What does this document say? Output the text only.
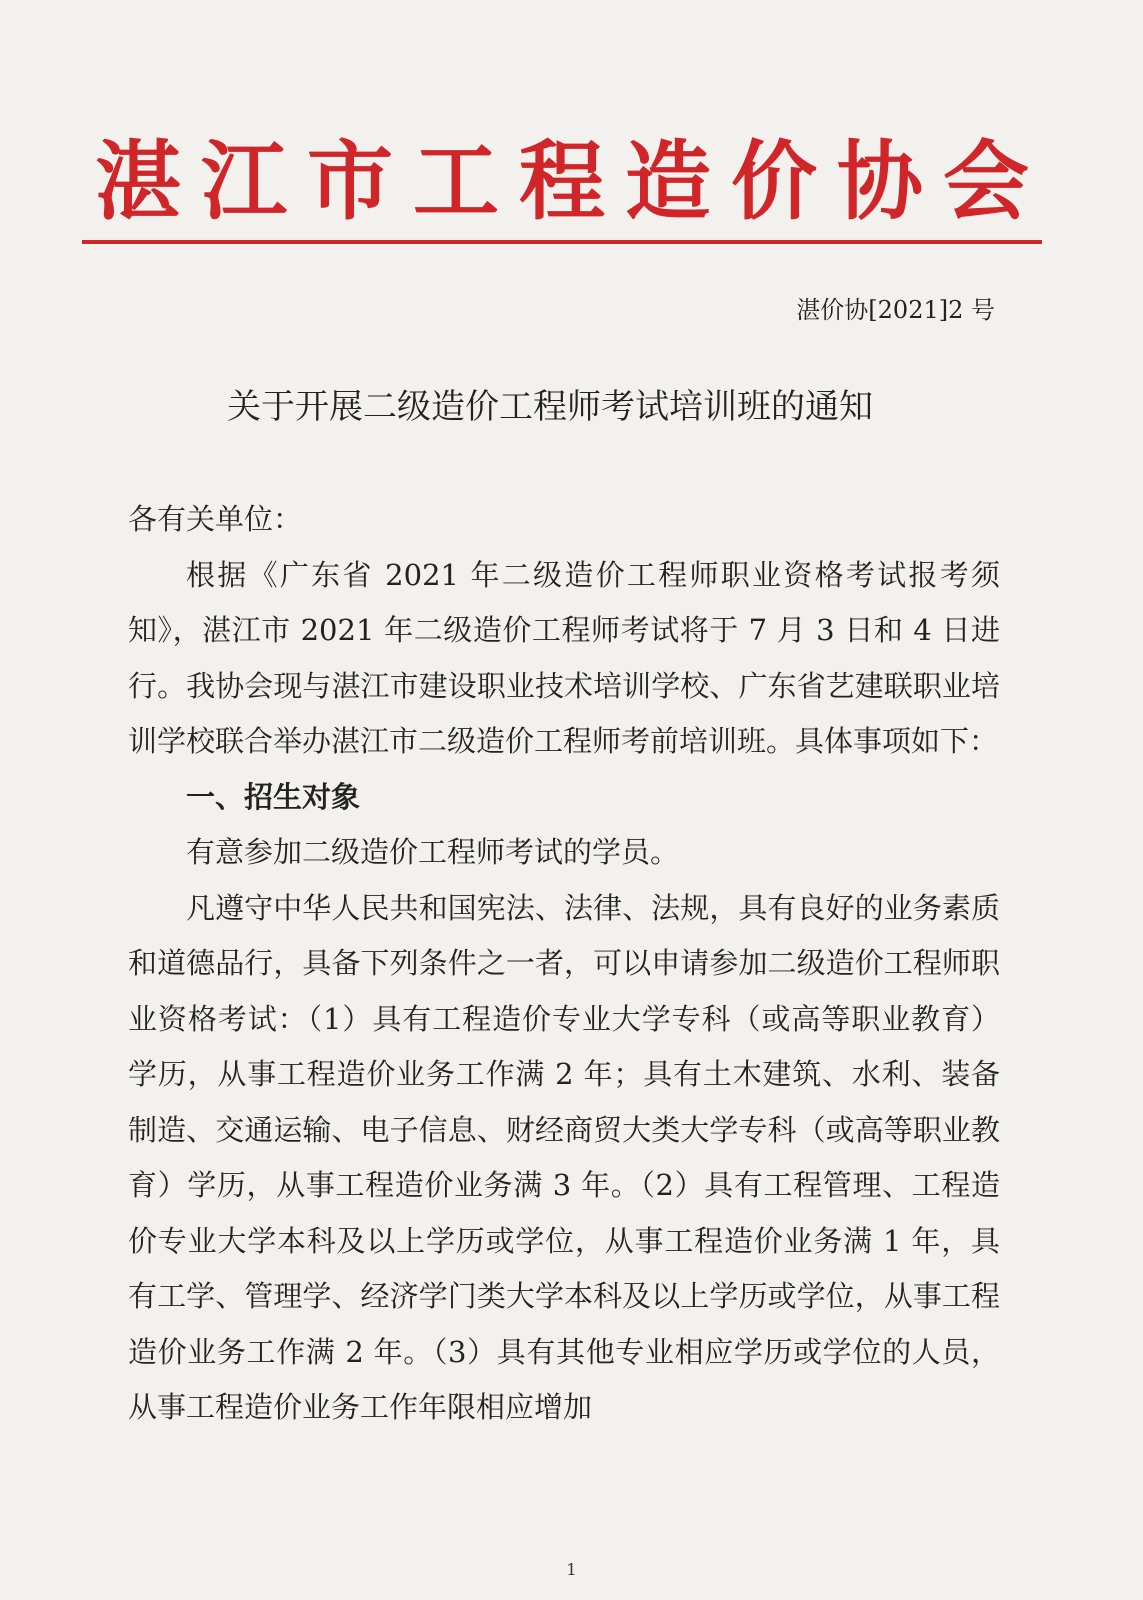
湛江市工程造价协会
湛价协[2021]2 号
关于开展二级造价工程师考试培训班的通知

各有关单位：

根据《广东省 2021 年二级造价工程师职业资格考试报考须知》，湛江市 2021 年二级造价工程师考试将于 7 月 3 日和 4 日进行。我协会现与湛江市建设职业技术培训学校、广东省艺建联职业培训学校联合举办湛江市二级造价工程师考前培训班。具体事项如下：

一、招生对象

有意参加二级造价工程师考试的学员。

凡遵守中华人民共和国宪法、法律、法规，具有良好的业务素质和道德品行，具备下列条件之一者，可以申请参加二级造价工程师职业资格考试：（1）具有工程造价专业大学专科（或高等职业教育）学历，从事工程造价业务工作满 2 年；具有土木建筑、水利、装备制造、交通运输、电子信息、财经商贸大类大学专科（或高等职业教育）学历，从事工程造价业务满 3 年。（2）具有工程管理、工程造价专业大学本科及以上学历或学位，从事工程造价业务满 1 年，具有工学、管理学、经济学门类大学本科及以上学历或学位，从事工程造价业务工作满 2 年。（3）具有其他专业相应学历或学位的人员，从事工程造价业务工作年限相应增加

1
